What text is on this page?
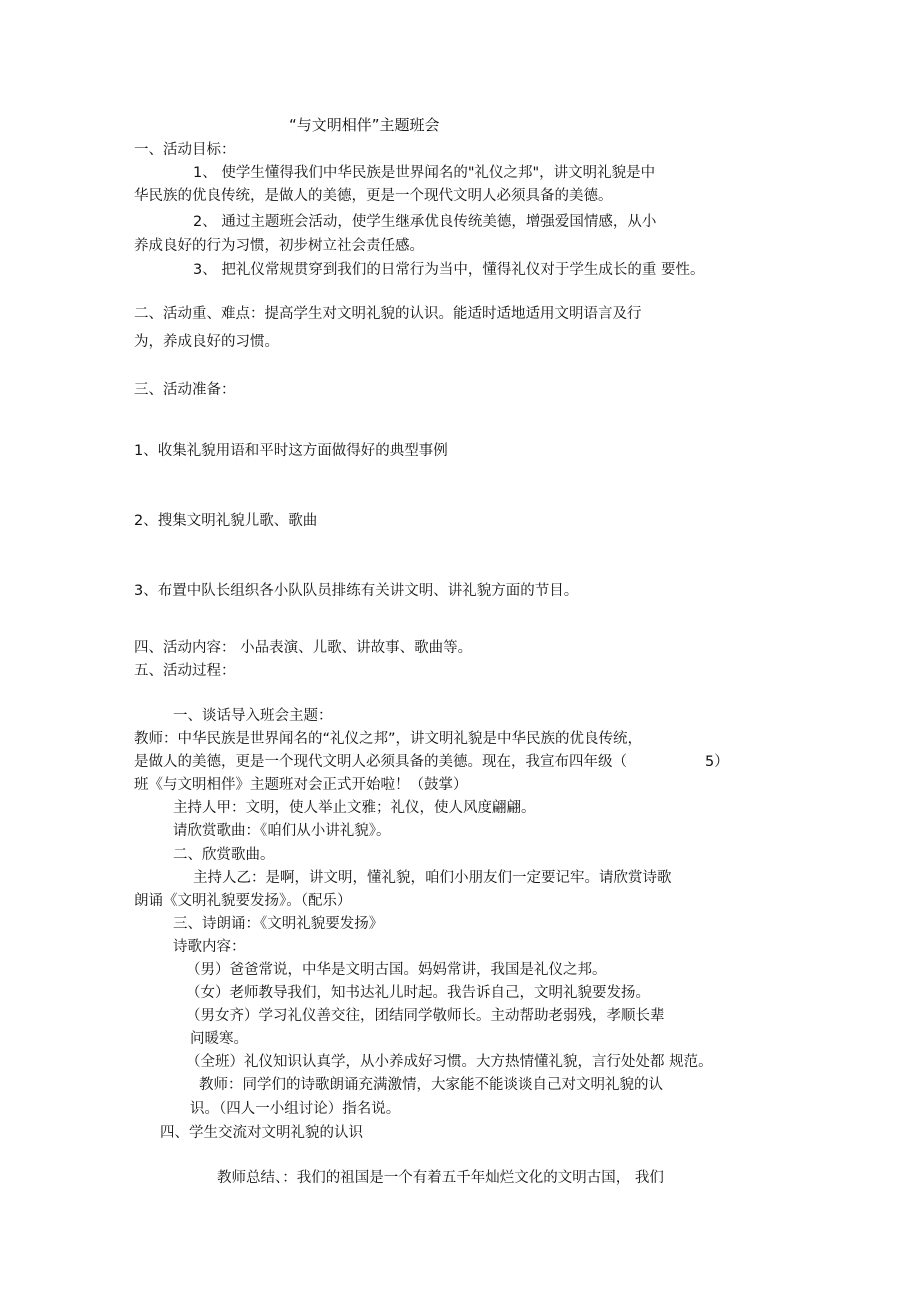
“与文明相伴”主题班会

一、活动目标：

1、 使学生懂得我们中华民族是世界闻名的"礼仪之邦"，讲文明礼貌是中

华民族的优良传统，是做人的美德，更是一个现代文明人必须具备的美德。

2、 通过主题班会活动，使学生继承优良传统美德，增强爱国情感，从小

养成良好的行为习惯，初步树立社会责任感。

3、 把礼仪常规贯穿到我们的日常行为当中，懂得礼仪对于学生成长的重 要性。

二、活动重、难点：提高学生对文明礼貌的认识。能适时适地适用文明语言及行

为，养成良好的习惯。

三、活动准备：

1、收集礼貌用语和平时这方面做得好的典型事例

2、搜集文明礼貌儿歌、歌曲

3、布置中队长组织各小队队员排练有关讲文明、讲礼貌方面的节目。

四、活动内容： 小品表演、儿歌、讲故事、歌曲等。

五、活动过程：

一、谈话导入班会主题：

教师：中华民族是世界闻名的“礼仪之邦”，讲文明礼貌是中华民族的优良传统，

是做人的美德，更是一个现代文明人必须具备的美德。现在，我宣布四年级（	5）

班《与文明相伴》主题班对会正式开始啦！（鼓掌）

主持人甲：文明，使人举止文雅；礼仪，使人风度翩翩。

请欣赏歌曲：《咱们从小讲礼貌》。

二、欣赏歌曲。

主持人乙：是啊，讲文明，懂礼貌，咱们小朋友们一定要记牢。请欣赏诗歌

朗诵《文明礼貌要发扬》。（配乐）

三、诗朗诵：《文明礼貌要发扬》

诗歌内容：

（男）爸爸常说，中华是文明古国。妈妈常讲，我国是礼仪之邦。

（女）老师教导我们，知书达礼儿时起。我告诉自己，文明礼貌要发扬。

（男女齐）学习礼仪善交往，团结同学敬师长。主动帮助老弱残，孝顺长辈

问暖寒。

（全班）礼仪知识认真学，从小养成好习惯。大方热情懂礼貌，言行处处都 规范。

教师：同学们的诗歌朗诵充满激情，大家能不能谈谈自己对文明礼貌的认

识。（四人一小组讨论）指名说。

四、学生交流对文明礼貌的认识

教师总结、：我们的祖国是一个有着五千年灿烂文化的文明古国， 我们
